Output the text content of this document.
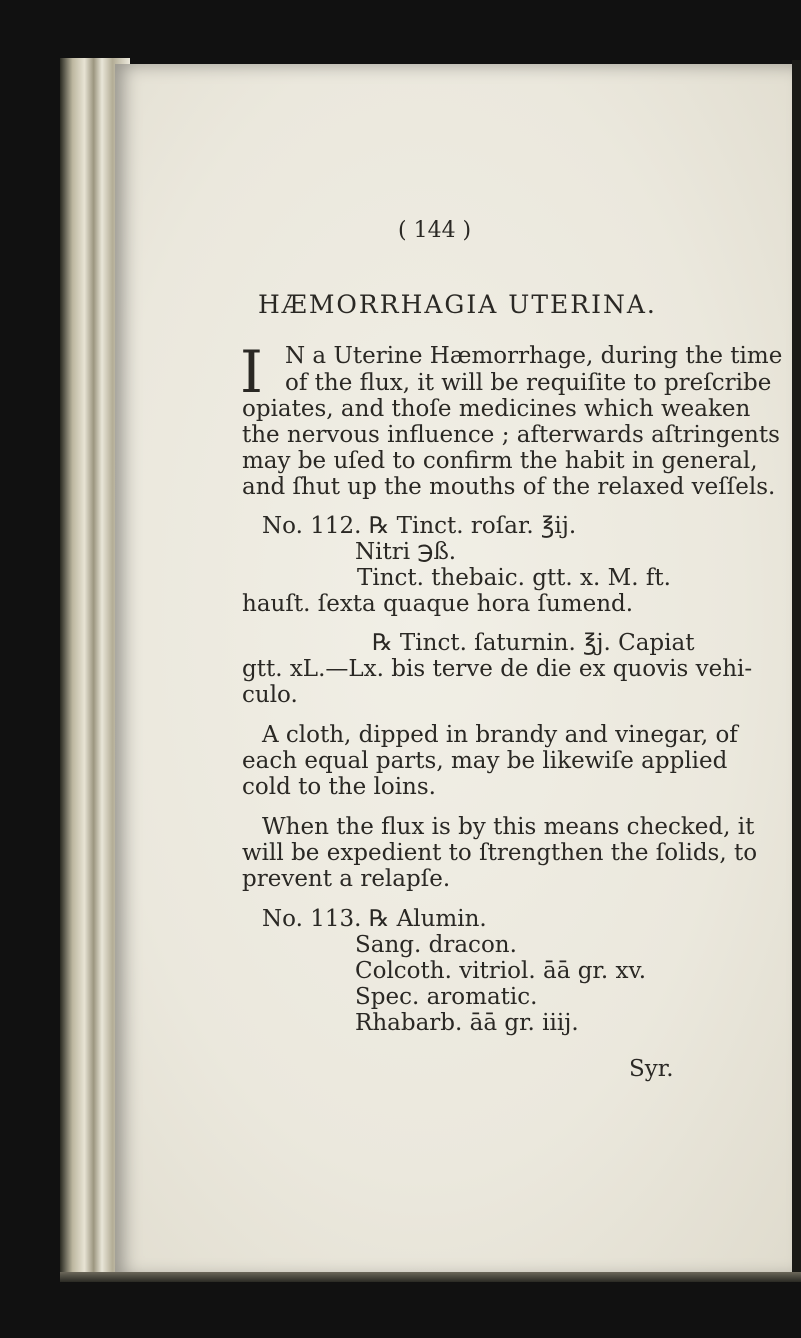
( 144 )
HÆMORRHAGIA UTERINA.
I N a Uterine Hæmorrhage, during the time
of the flux, it will be requiſite to preſcribe
opiates, and thoſe medicines which weaken
the nervous influence ; afterwards aſtringents
may be uſed to confirm the habit in general,
and ſhut up the mouths of the relaxed veſſels.
No. 112. ℞ Tinct. roſar. ℥ij.
Nitri ℈ß.
Tinct. thebaic. gtt. x. M. ft.
hauſt. ſexta quaque hora ſumend.
℞ Tinct. ſaturnin. ℥j. Capiat
gtt. xL.—Lx. bis terve de die ex quovis vehi-
culo.
A cloth, dipped in brandy and vinegar, of
each equal parts, may be likewiſe applied
cold to the loins.
When the flux is by this means checked, it
will be expedient to ſtrengthen the ſolids, to
prevent a relapſe.
No. 113. ℞ Alumin.
Sang. dracon.
Colcoth. vitriol. āā gr. xv.
Spec. aromatic.
Rhabarb. āā gr. iiij.
Syr.
